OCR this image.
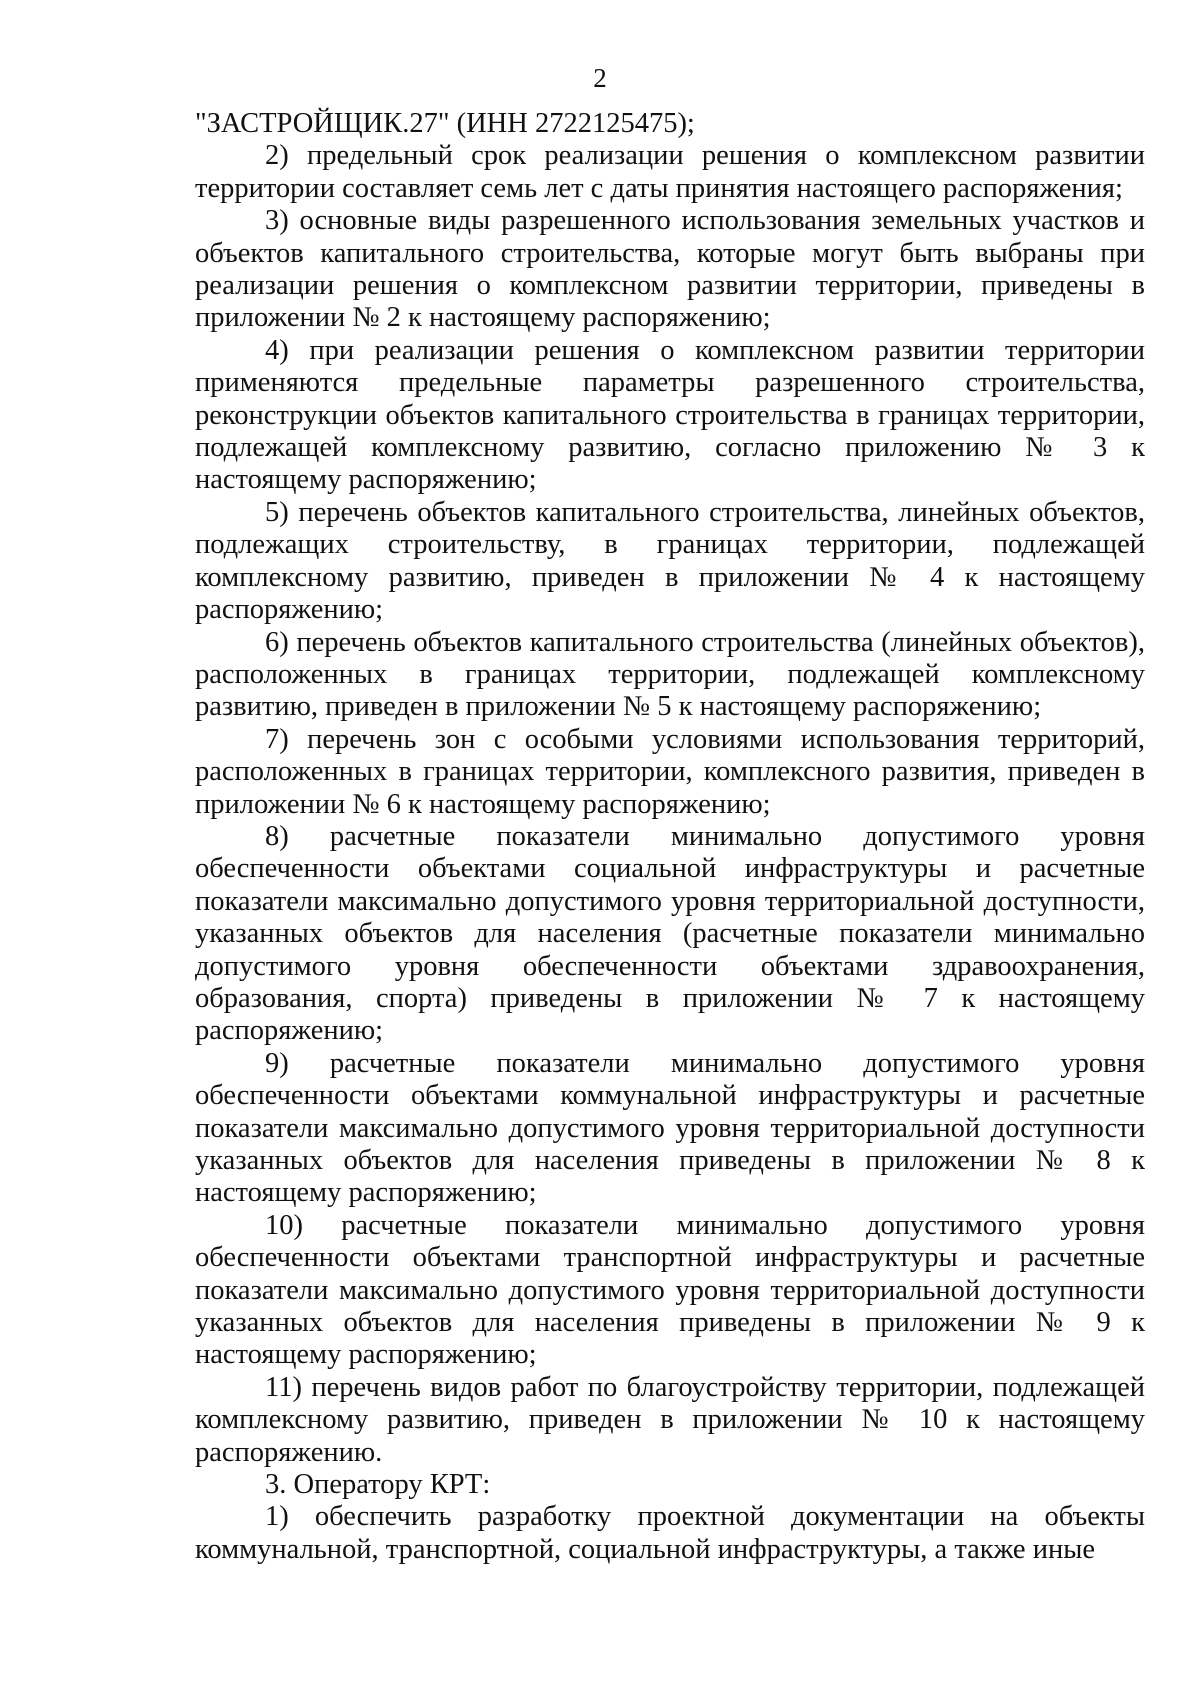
2

"ЗАСТРОЙЩИК.27" (ИНН 2722125475);

2) предельный срок реализации решения о комплексном развитии территории составляет семь лет с даты принятия настоящего распоряжения;

3) основные виды разрешенного использования земельных участков и объектов капитального строительства, которые могут быть выбраны при реализации решения о комплексном развитии территории, приведены в приложении № 2 к настоящему распоряжению;

4) при реализации решения о комплексном развитии территории применяются предельные параметры разрешенного строительства, реконструкции объектов капитального строительства в границах территории, подлежащей комплексному развитию, согласно приложению № 3 к настоящему распоряжению;

5) перечень объектов капитального строительства, линейных объектов, подлежащих строительству, в границах территории, подлежащей комплексному развитию, приведен в приложении № 4 к настоящему распоряжению;

6) перечень объектов капитального строительства (линейных объектов), расположенных в границах территории, подлежащей комплексному развитию, приведен в приложении № 5 к настоящему распоряжению;

7) перечень зон с особыми условиями использования территорий, расположенных в границах территории, комплексного развития, приведен в приложении № 6 к настоящему распоряжению;

8) расчетные показатели минимально допустимого уровня обеспеченности объектами социальной инфраструктуры и расчетные показатели максимально допустимого уровня территориальной доступности, указанных объектов для населения (расчетные показатели минимально допустимого уровня обеспеченности объектами здравоохранения, образования, спорта) приведены в приложении № 7 к настоящему распоряжению;

9) расчетные показатели минимально допустимого уровня обеспеченности объектами коммунальной инфраструктуры и расчетные показатели максимально допустимого уровня территориальной доступности указанных объектов для населения приведены в приложении № 8 к настоящему распоряжению;

10) расчетные показатели минимально допустимого уровня обеспеченности объектами транспортной инфраструктуры и расчетные показатели максимально допустимого уровня территориальной доступности указанных объектов для населения приведены в приложении № 9 к настоящему распоряжению;

11) перечень видов работ по благоустройству территории, подлежащей комплексному развитию, приведен в приложении № 10 к настоящему распоряжению.

3. Оператору КРТ:

1) обеспечить разработку проектной документации на объекты коммунальной, транспортной, социальной инфраструктуры, а также иные
